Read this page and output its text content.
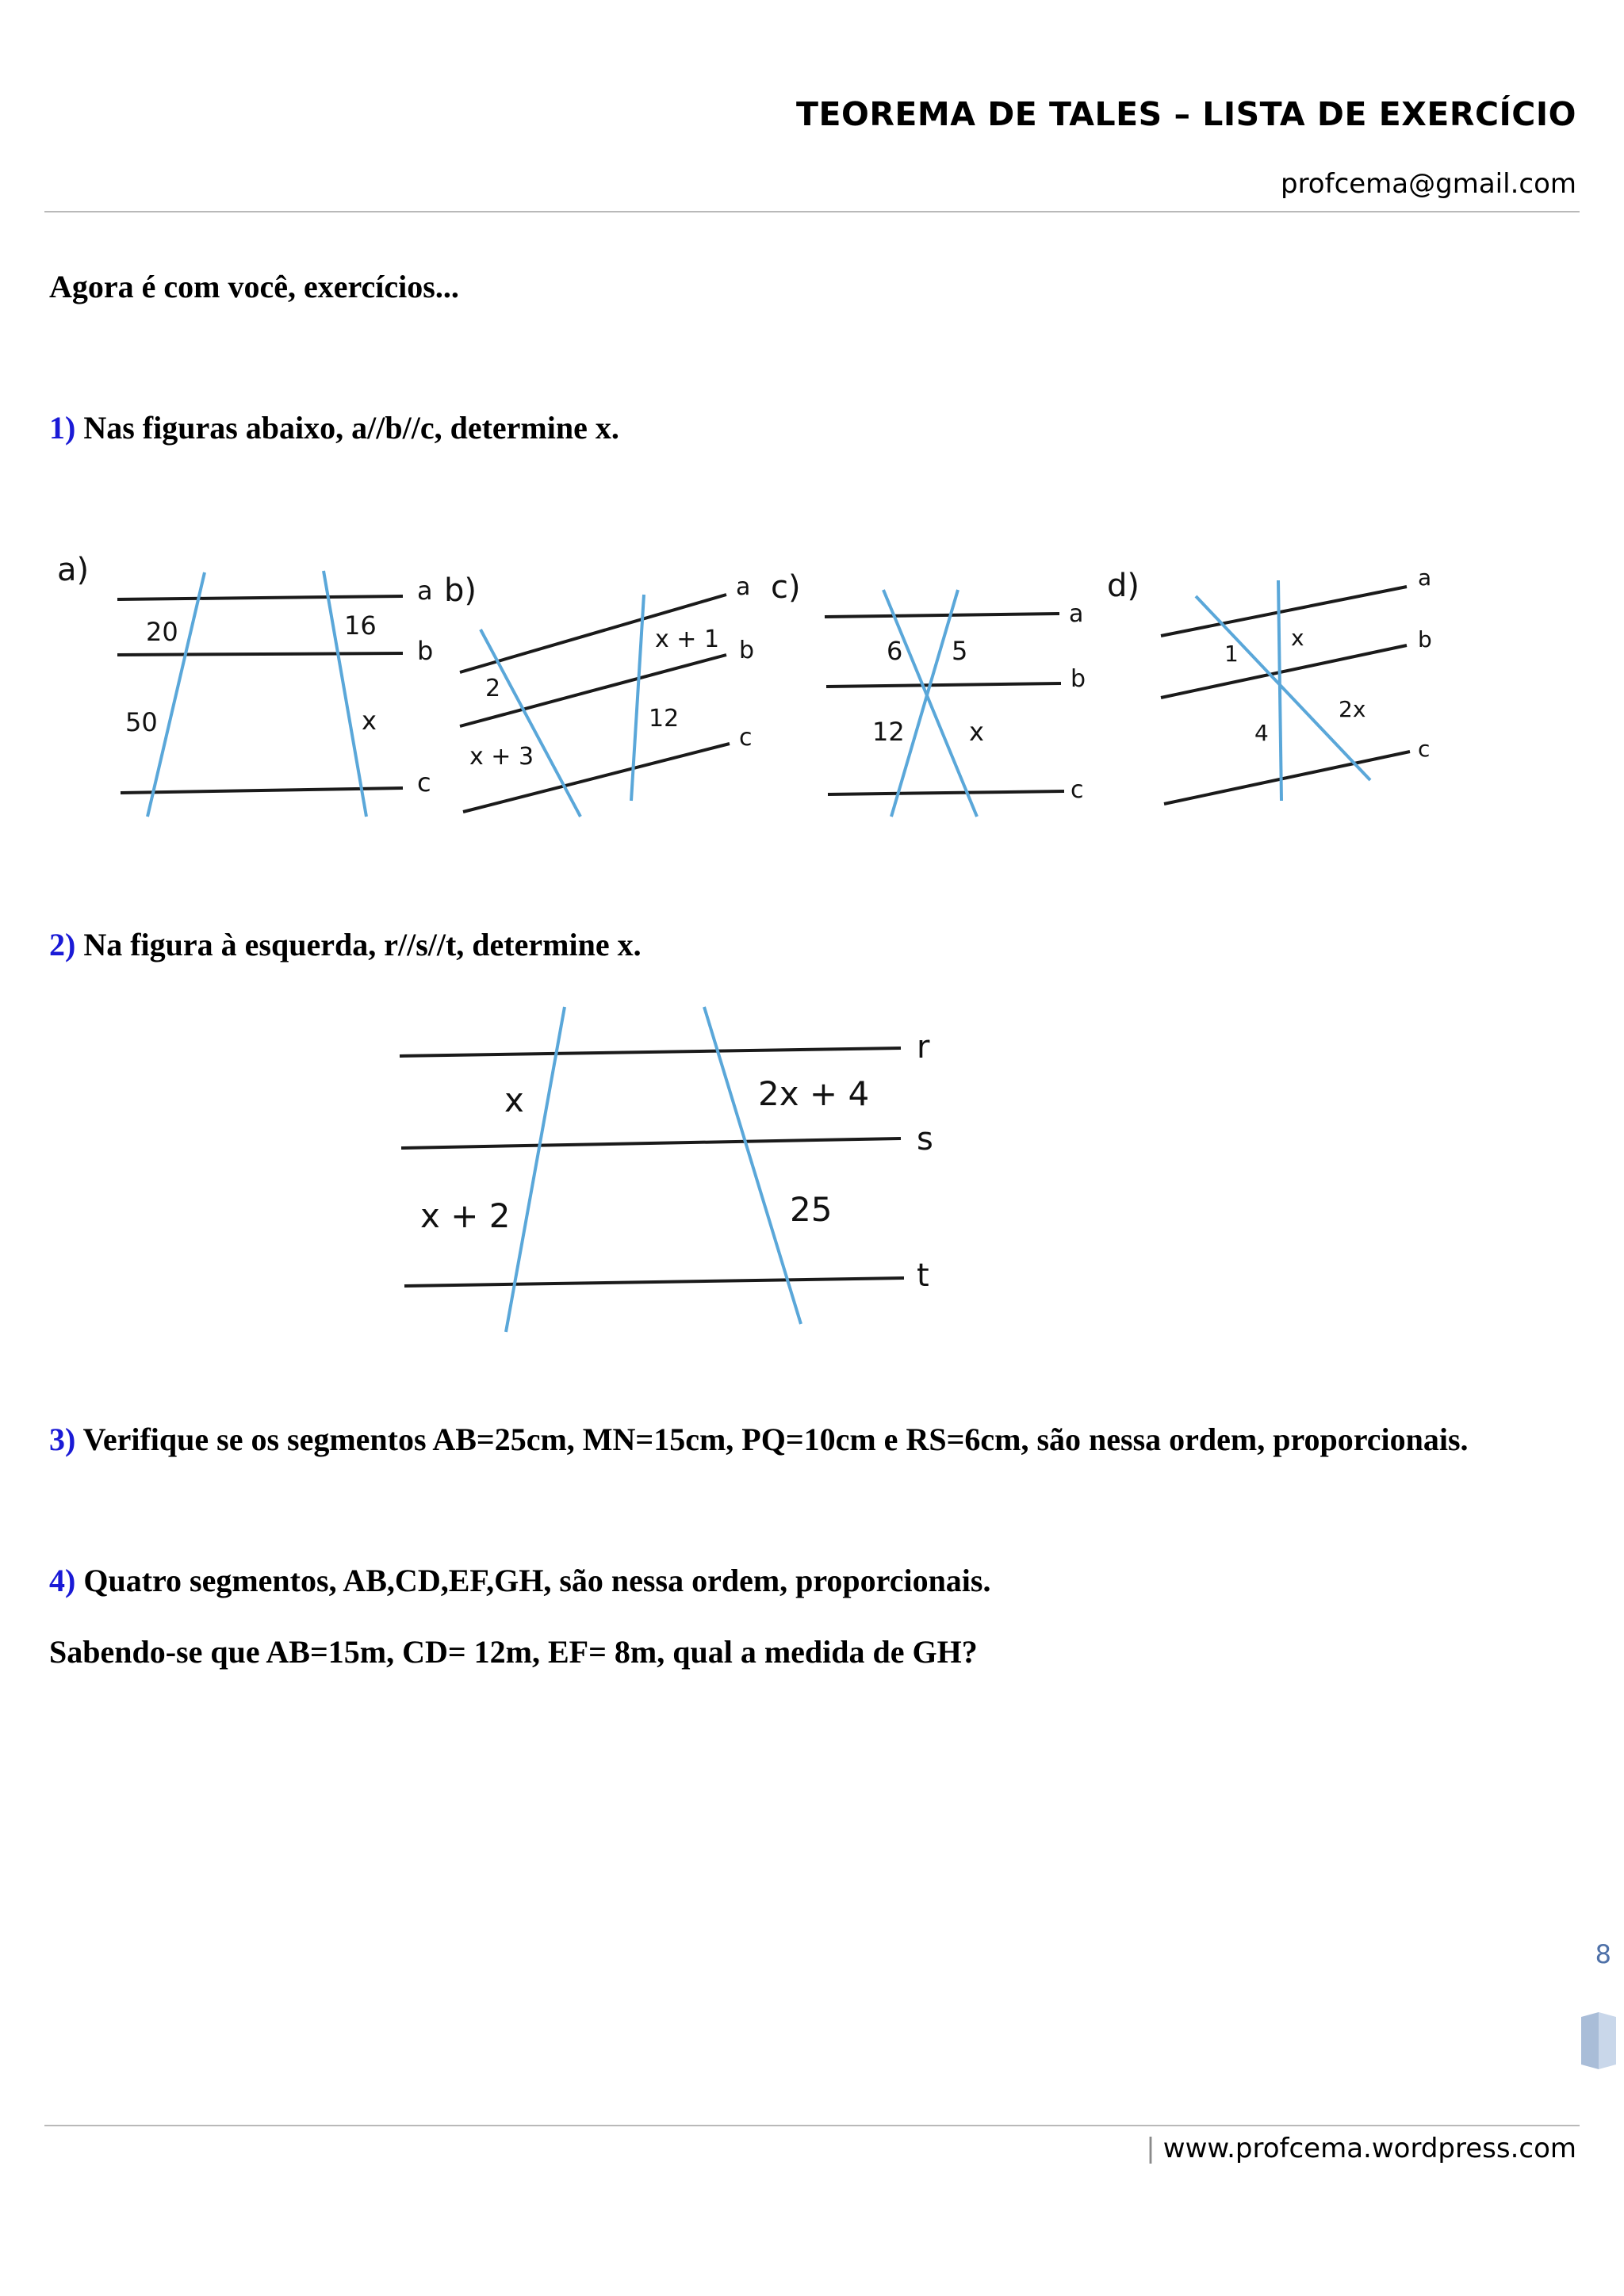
TEOREMA DE TALES – LISTA DE EXERCÍCIO
profcema@gmail.com
Agora é com você, exercícios...
1) Nas figuras abaixo, a//b//c, determine x.
a)
a
b
c
20	16
50	x
b)	a
b
c
x + 1
2
12
x + 3
c)
a
b
c
6 5
12	x
d)	a
b
c
x
1
2x
4
2) Na figura à esquerda, r//s//t, determine x.
r
s
t
x	2x + 4
x + 2	25
3) Verifique se os segmentos AB=25cm, MN=15cm, PQ=10cm e RS=6cm, são nessa ordem, proporcionais.
4) Quatro segmentos, AB,CD,EF,GH, são nessa ordem, proporcionais.
Sabendo-se que AB=15m, CD= 12m, EF= 8m, qual a medida de GH?
8
| www.profcema.wordpress.com
